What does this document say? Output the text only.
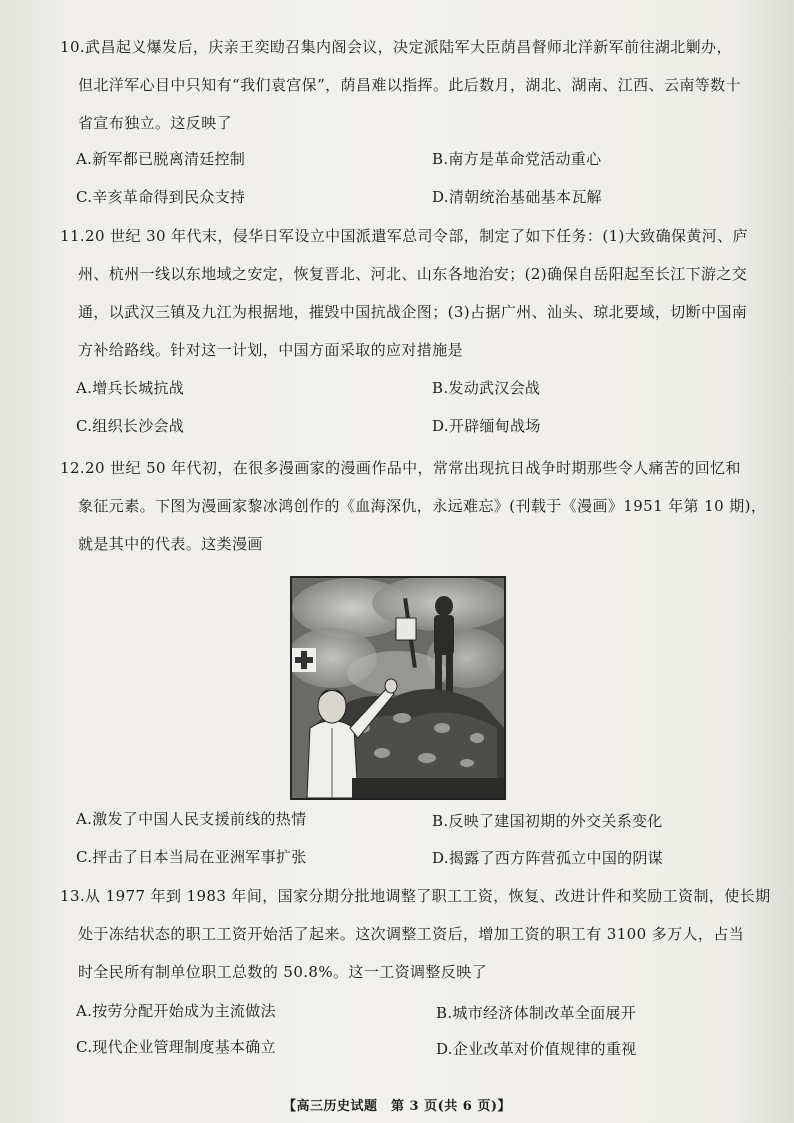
10.武昌起义爆发后，庆亲王奕劻召集内阁会议，决定派陆军大臣荫昌督师北洋新军前往湖北剿办，
但北洋军心目中只知有“我们袁宫保”，荫昌难以指挥。此后数月，湖北、湖南、江西、云南等数十
省宣布独立。这反映了
A.新军都已脱离清廷控制	B.南方是革命党活动重心
C.辛亥革命得到民众支持	D.清朝统治基础基本瓦解
11.20 世纪 30 年代末，侵华日军设立中国派遣军总司令部，制定了如下任务：(1)大致确保黄河、庐
州、杭州一线以东地域之安定，恢复晋北、河北、山东各地治安；(2)确保自岳阳起至长江下游之交
通，以武汉三镇及九江为根据地，摧毁中国抗战企图；(3)占据广州、汕头、琼北要域，切断中国南
方补给路线。针对这一计划，中国方面采取的应对措施是
A.增兵长城抗战	B.发动武汉会战
C.组织长沙会战	D.开辟缅甸战场
12.20 世纪 50 年代初，在很多漫画家的漫画作品中，常常出现抗日战争时期那些令人痛苦的回忆和
象征元素。下图为漫画家黎冰鸿创作的《血海深仇，永远难忘》(刊载于《漫画》1951 年第 10 期)，
就是其中的代表。这类漫画
A.激发了中国人民支援前线的热情	B.反映了建国初期的外交关系变化
C.抨击了日本当局在亚洲军事扩张	D.揭露了西方阵营孤立中国的阴谋
13.从 1977 年到 1983 年间，国家分期分批地调整了职工工资，恢复、改进计件和奖励工资制，使长期
处于冻结状态的职工工资开始活了起来。这次调整工资后，增加工资的职工有 3100 多万人，占当
时全民所有制单位职工总数的 50.8%。这一工资调整反映了
A.按劳分配开始成为主流做法	B.城市经济体制改革全面展开
C.现代企业管理制度基本确立	D.企业改革对价值规律的重视
【高三历史试题　第 3 页(共 6 页)】
